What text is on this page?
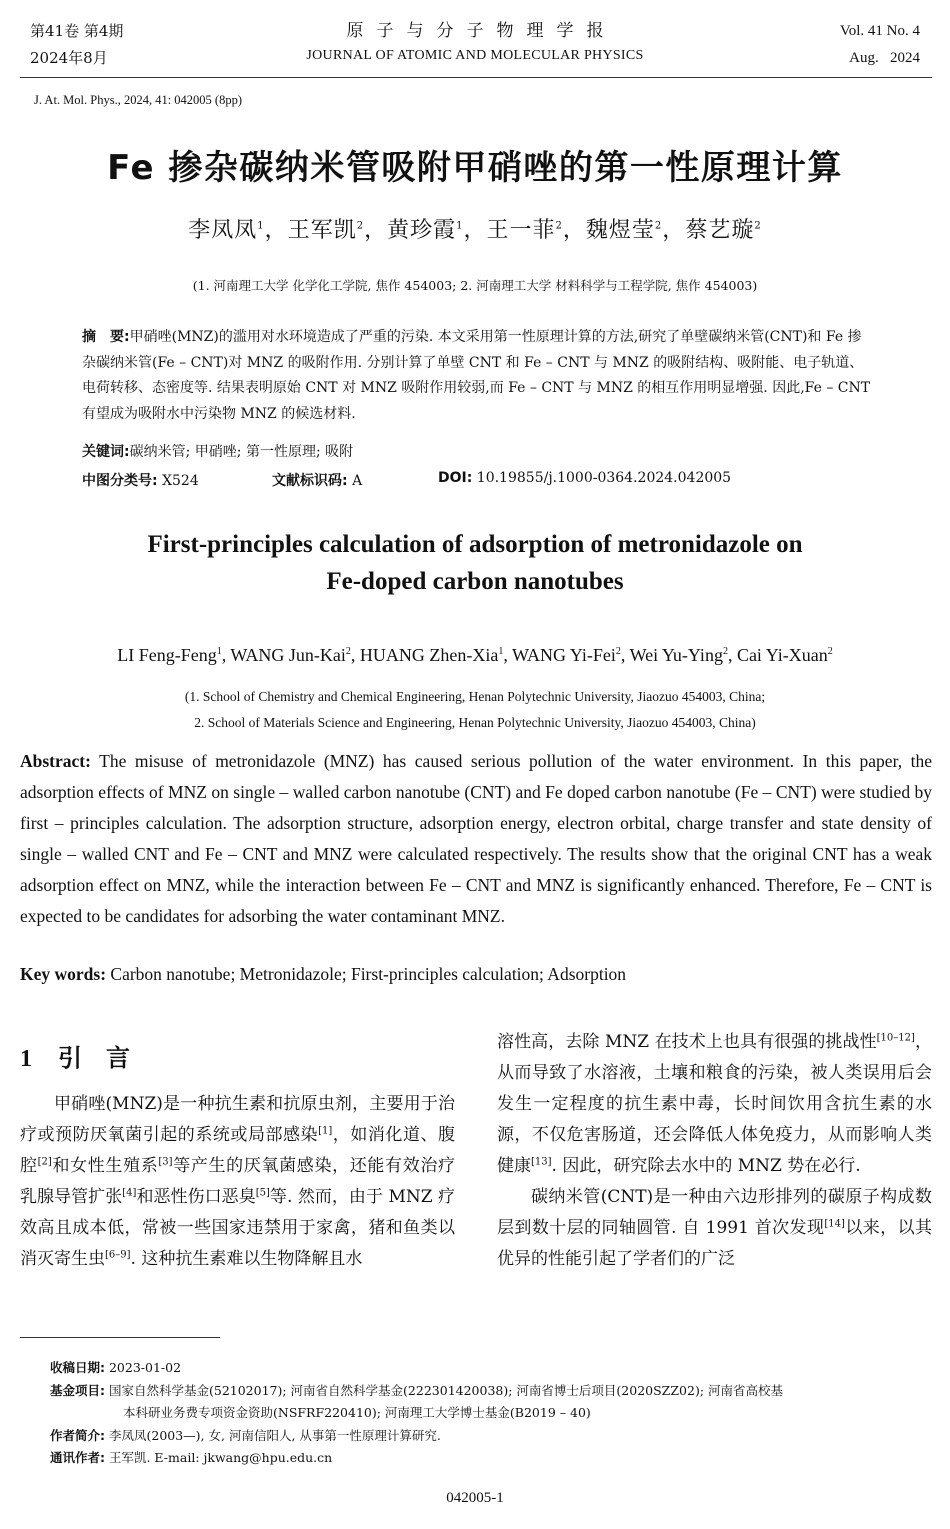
第41卷 第4期
2024年8月
原子与分子物理学报
JOURNAL OF ATOMIC AND MOLECULAR PHYSICS
Vol. 41 No. 4
Aug.   2024
J. At. Mol. Phys., 2024, 41: 042005 (8pp)
Fe 掺杂碳纳米管吸附甲硝唑的第一性原理计算
李凤凤$^1$，王军凯$^2$，黄珍霞$^1$，王一菲$^2$，魏煜莹$^2$，蔡艺璇$^2$
(1. 河南理工大学 化学化工学院, 焦作 454003; 2. 河南理工大学 材料科学与工程学院, 焦作 454003)
摘　要:甲硝唑(MNZ)的滥用对水环境造成了严重的污染. 本文采用第一性原理计算的方法,研究了单壁碳纳米管(CNT)和 Fe 掺杂碳纳米管(Fe – CNT)对 MNZ 的吸附作用. 分别计算了单壁 CNT 和 Fe – CNT 与 MNZ 的吸附结构、吸附能、电子轨道、电荷转移、态密度等. 结果表明原始 CNT 对 MNZ 吸附作用较弱,而 Fe – CNT 与 MNZ 的相互作用明显增强. 因此,Fe – CNT 有望成为吸附水中污染物 MNZ 的候选材料.
关键词:碳纳米管; 甲硝唑; 第一性原理; 吸附
中图分类号: X524	文献标识码: A	DOI: 10.19855/j.1000-0364.2024.042005
First-principles calculation of adsorption of metronidazole on
Fe-doped carbon nanotubes
LI Feng-Feng$^1$, WANG Jun-Kai$^2$, HUANG Zhen-Xia$^1$, WANG Yi-Fei$^2$, Wei Yu-Ying$^2$, Cai Yi-Xuan$^2$
(1. School of Chemistry and Chemical Engineering, Henan Polytechnic University, Jiaozuo 454003, China;
2. School of Materials Science and Engineering, Henan Polytechnic University, Jiaozuo 454003, China)
Abstract: The misuse of metronidazole (MNZ) has caused serious pollution of the water environment. In this paper, the adsorption effects of MNZ on single – walled carbon nanotube (CNT) and Fe doped carbon nanotube (Fe – CNT) were studied by first – principles calculation. The adsorption structure, adsorption energy, electron orbital, charge transfer and state density of single – walled CNT and Fe – CNT and MNZ were calculated respectively. The results show that the original CNT has a weak adsorption effect on MNZ, while the interaction between Fe – CNT and MNZ is significantly enhanced. Therefore, Fe – CNT is expected to be candidates for adsorbing the water contaminant MNZ.
Key words: Carbon nanotube; Metronidazole; First-principles calculation; Adsorption
1 引　言

甲硝唑(MNZ)是一种抗生素和抗原虫剂，主要用于治疗或预防厌氧菌引起的系统或局部感染[1]，如消化道、腹腔[2]和女性生殖系[3]等产生的厌氧菌感染，还能有效治疗乳腺导管扩张[4]和恶性伤口恶臭[5]等. 然而，由于 MNZ 疗效高且成本低，常被一些国家违禁用于家禽，猪和鱼类以消灭寄生虫[6–9]. 这种抗生素难以生物降解且水

溶性高，去除 MNZ 在技术上也具有很强的挑战性[10–12]，从而导致了水溶液，土壤和粮食的污染，被人类误用后会发生一定程度的抗生素中毒，长时间饮用含抗生素的水源，不仅危害肠道，还会降低人体免疫力，从而影响人类健康[13]. 因此，研究除去水中的 MNZ 势在必行.

碳纳米管(CNT)是一种由六边形排列的碳原子构成数层到数十层的同轴圆管. 自 1991 首次发现[14]以来，以其优异的性能引起了学者们的广泛

收稿日期: 2023-01-02
基金项目: 国家自然科学基金(52102017); 河南省自然科学基金(222301420038); 河南省博士后项目(2020SZZ02); 河南省高校基
本科研业务费专项资金资助(NSFRF220410); 河南理工大学博士基金(B2019 – 40)
作者简介: 李凤凤(2003—), 女, 河南信阳人, 从事第一性原理计算研究.
通讯作者: 王军凯. E-mail: jkwang@hpu.edu.cn
042005-1
